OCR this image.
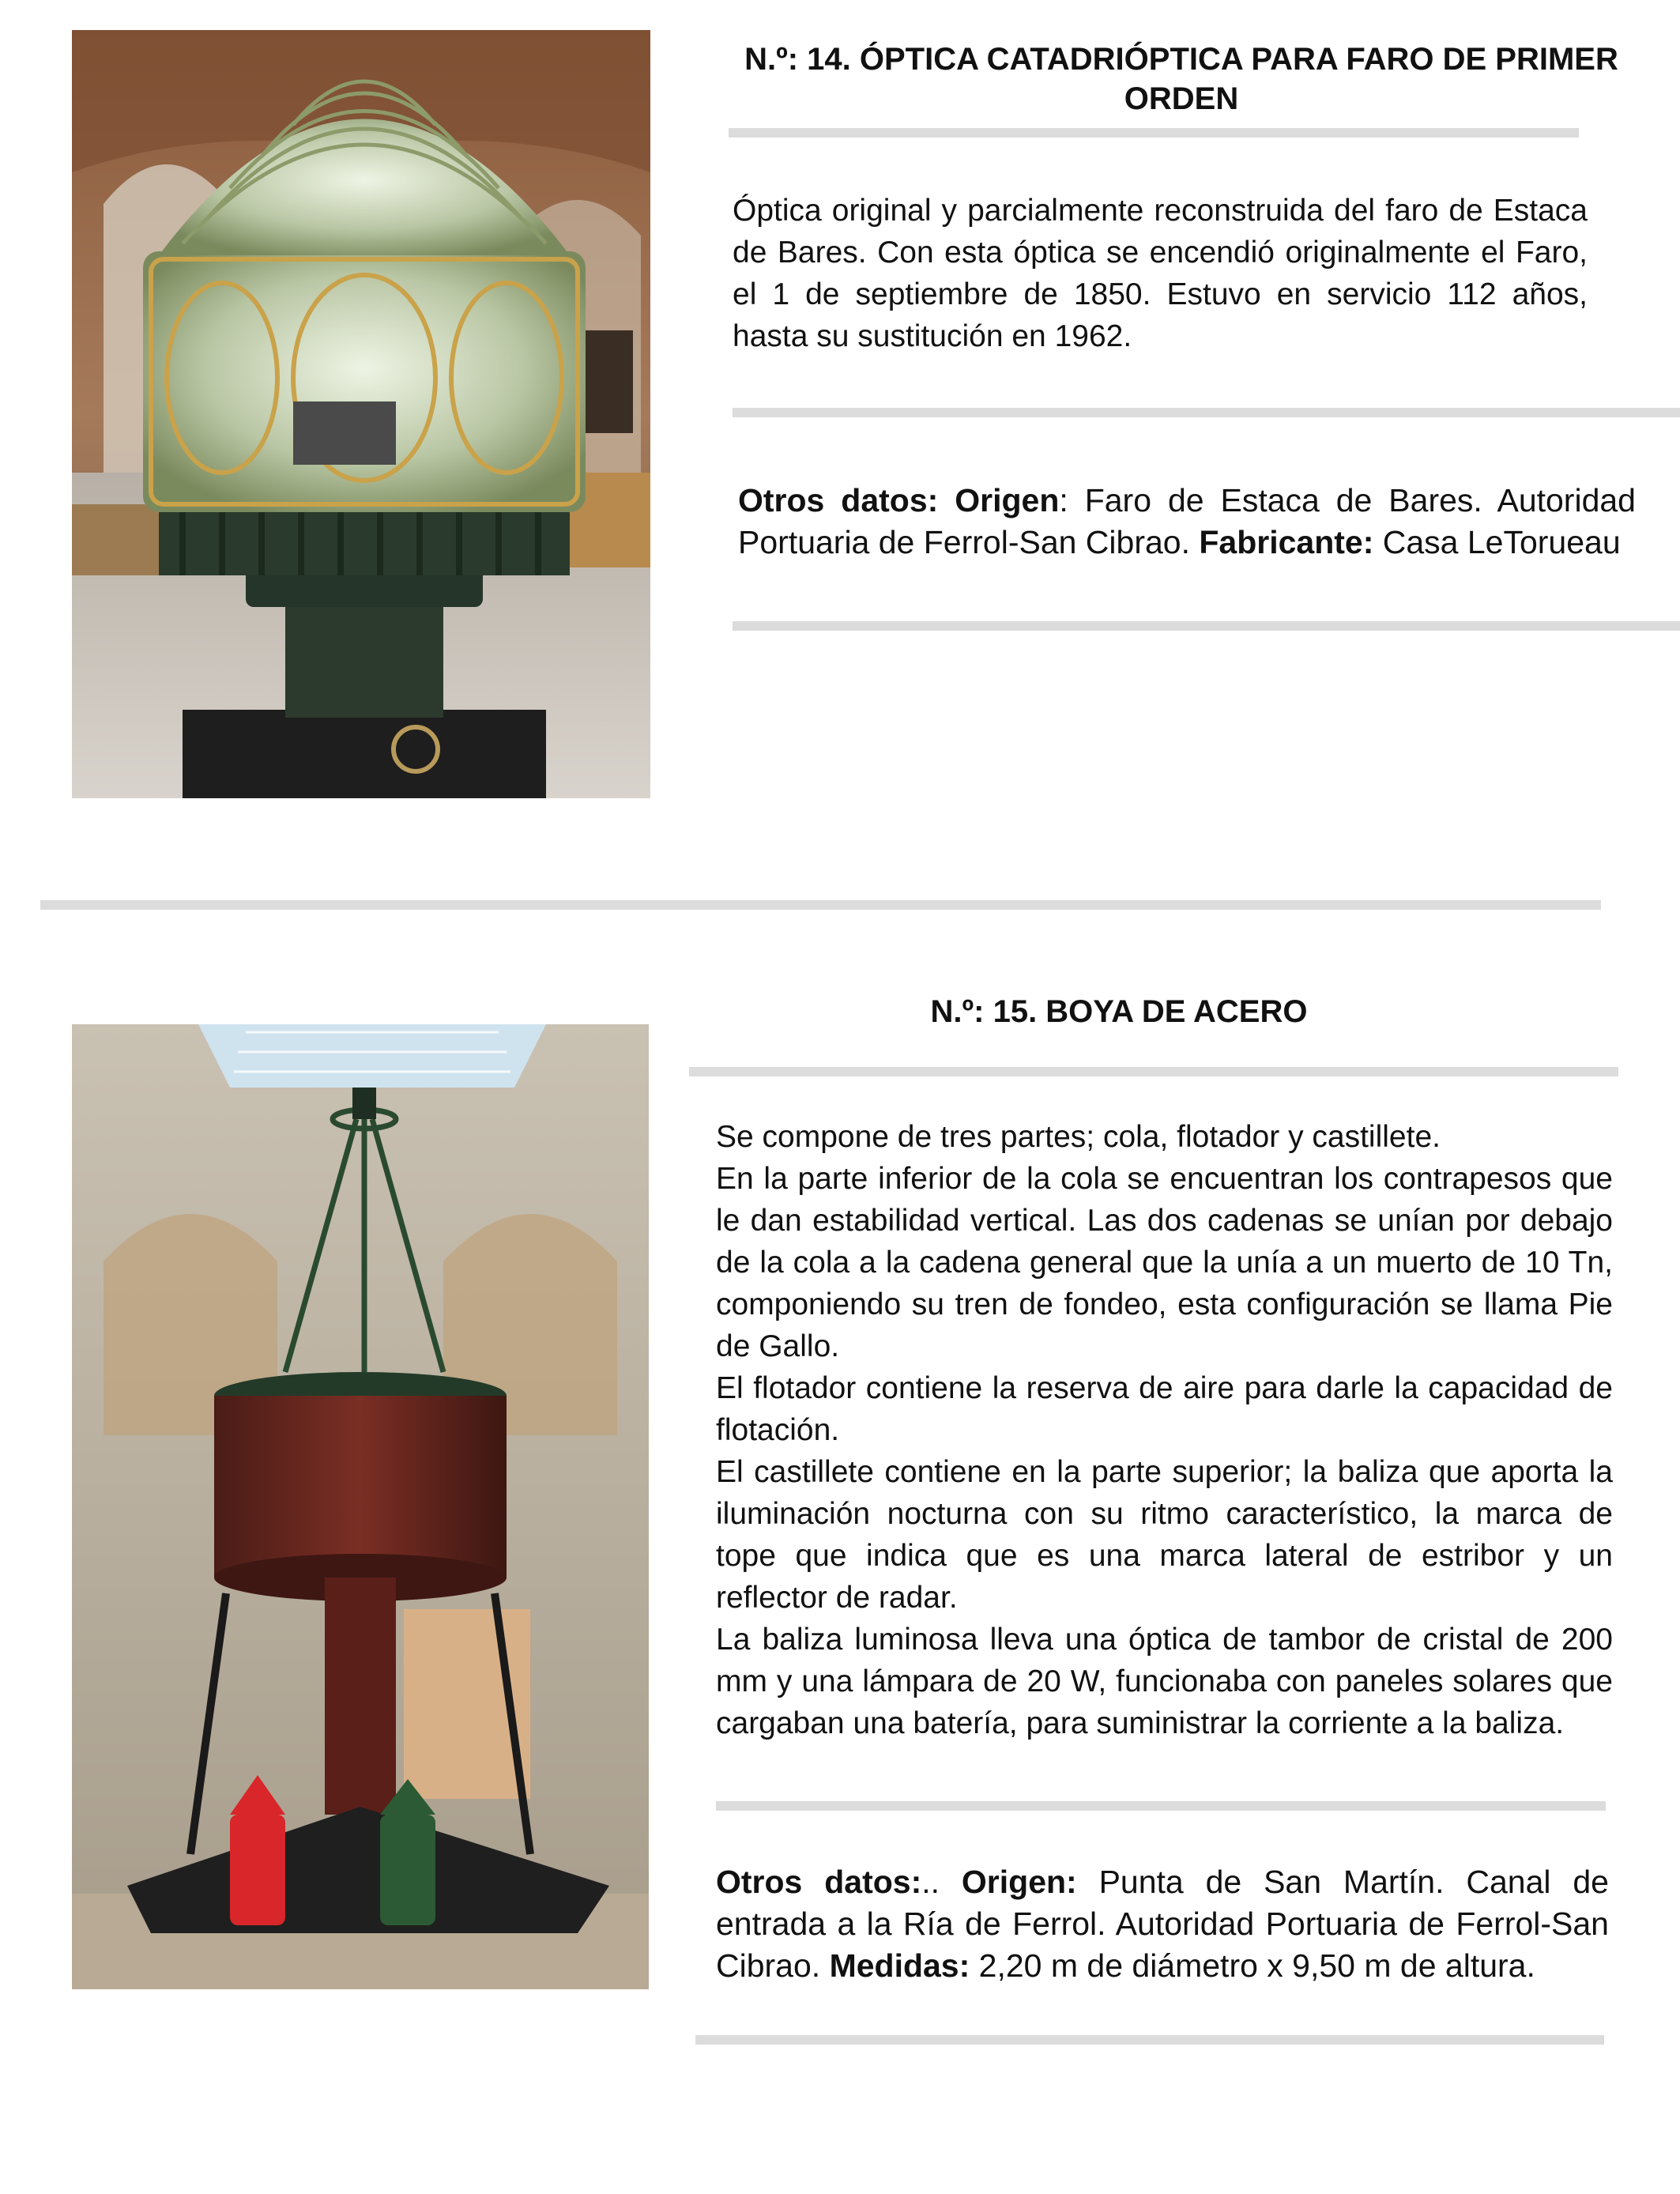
N.º: 14. ÓPTICA CATADRIÓPTICA PARA FARO DE PRIMER ORDEN
Óptica original y parcialmente reconstruida del faro de Estaca de Bares. Con esta óptica se encendió originalmente el Faro, el 1 de septiembre de 1850. Estuvo en servicio 112 años, hasta su sustitución en 1962.
Otros datos: Origen: Faro de Estaca de Bares. Autoridad Portuaria de Ferrol-San Cibrao. Fabricante: Casa LeTorueau
N.º: 15. BOYA DE ACERO

Se compone de tres partes; cola, flotador y castillete.

En la parte inferior de la cola se encuentran los contrapesos que le dan estabilidad vertical. Las dos cadenas se unían por debajo de la cola a la cadena general que la unía a un muerto de 10 Tn, componiendo su tren de fondeo, esta configuración se llama Pie de Gallo.

El flotador contiene la reserva de aire para darle la capacidad de flotación.

El castillete contiene en la parte superior; la baliza que aporta la iluminación nocturna con su ritmo característico, la marca de tope que indica que es una marca lateral de estribor y un reflector de radar.

La baliza luminosa lleva una óptica de tambor de cristal de 200 mm y una lámpara de 20 W, funcionaba con paneles solares que cargaban una batería, para suministrar la corriente a la baliza.

Otros datos:.. Origen: Punta de San Martín. Canal de entrada a la Ría de Ferrol. Autoridad Portuaria de Ferrol-San Cibrao. Medidas: 2,20 m de diámetro x 9,50 m de altura.
